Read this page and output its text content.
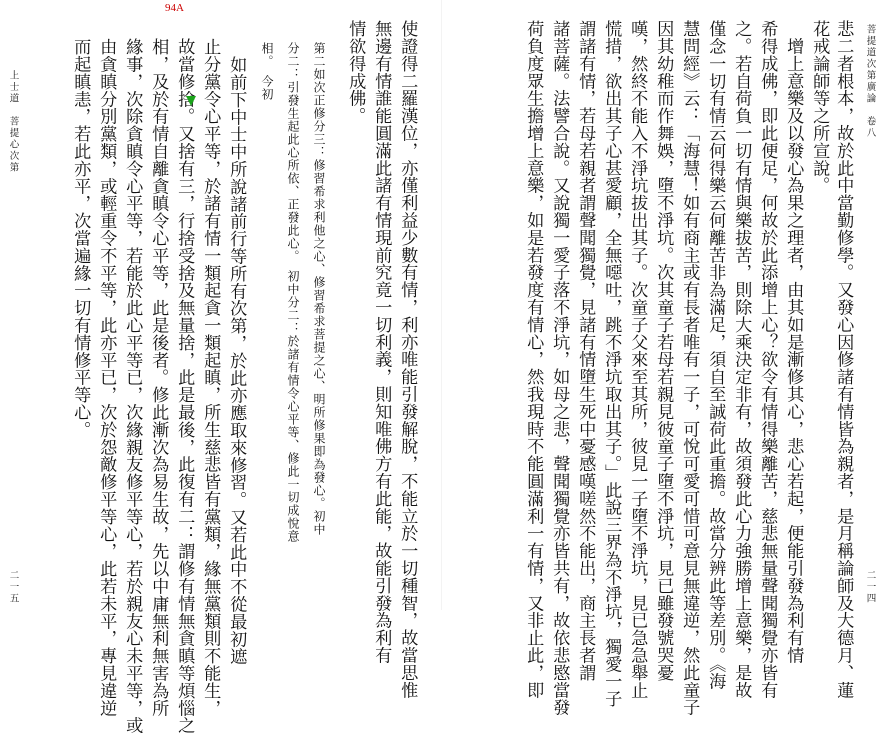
94A
菩提道次第廣論　卷八
二一四
悲二者根本，故於此中當勤修學。又發心因修諸有情皆為親者，是月稱論師及大德月、蓮
花戒論師等之所宣說。
　增上意樂及以發心為果之理者，由其如是漸修其心，悲心若起，便能引發為利有情
希得成佛，即此便足，何故於此添增上心？欲令有情得樂離苦，慈悲無量聲聞獨覺亦皆有
之。若自荷負一切有情與樂拔苦，則除大乘決定非有，故須發此心力強勝增上意樂，是故
僅念一切有情云何得樂云何離苦非為滿足，須自至誠荷此重擔。故當分辨此等差別。《海
慧問經》云：「海慧！如有商主或有長者唯有一子，可悅可愛可惜可意見無違逆，然此童子
因其幼稚而作舞娛，墮不淨坑。次其童子若母若親見彼童子墮不淨坑，見已雖發號哭憂
嘆，然終不能入不淨坑拔出其子。次童子父來至其所，彼見一子墮不淨坑，見已急急舉止
慌措，欲出其子心甚愛顧，全無噁吐，跳不淨坑取出其子。」此說三界為不淨坑，獨愛一子
謂諸有情，若母若親者謂聲聞獨覺，見諸有情墮生死中憂感嘆嗟然不能出，商主長者謂
諸菩薩。法譬合說。又說獨一愛子落不淨坑，如母之悲，聲聞獨覺亦皆共有，故依悲愍當發
荷負度眾生擔增上意樂，如是若發度有情心，然我現時不能圓滿利一有情，又非止此，即
使證得二羅漢位，亦僅利益少數有情，利亦唯能引發解脫，不能立於一切種智，故當思惟
無邊有情誰能圓滿此諸有情現前究竟一切利義，則知唯佛方有此能，故能引發為利有
情欲得成佛。
第二如次正修分三：修習希求利他之心、修習希求菩提之心、明所修果即為發心。初中
分二：引發生起此心所依、正發此心。　初中分二：於諸有情令心平等、修此一切成悅意
相。　今初
如前下中士中所說諸前行等所有次第，於此亦應取來修習。又若此中不從最初遮
止分黨令心平等，於諸有情一類起貪一類起瞋，所生慈悲皆有黨類，緣無黨類則不能生，
故當修捨。又捨有三，行捨受捨及無量捨，此是最後，此復有二：謂修有情無貪瞋等煩惱之
相，及於有情自離貪瞋令心平等，此是後者。修此漸次為易生故，先以中庸無利無害為所
緣事，次除貪瞋令心平等，若能於此心平等已，次緣親友修平等心，若於親友心未平等，或
由貪瞋分別黨類，或輕重令不平等，此亦平已，次於怨敵修平等心，此若未平，專見違逆
而起瞋恚，若此亦平，次當遍緣一切有情修平等心。
上士道　菩提心次第
二一五
